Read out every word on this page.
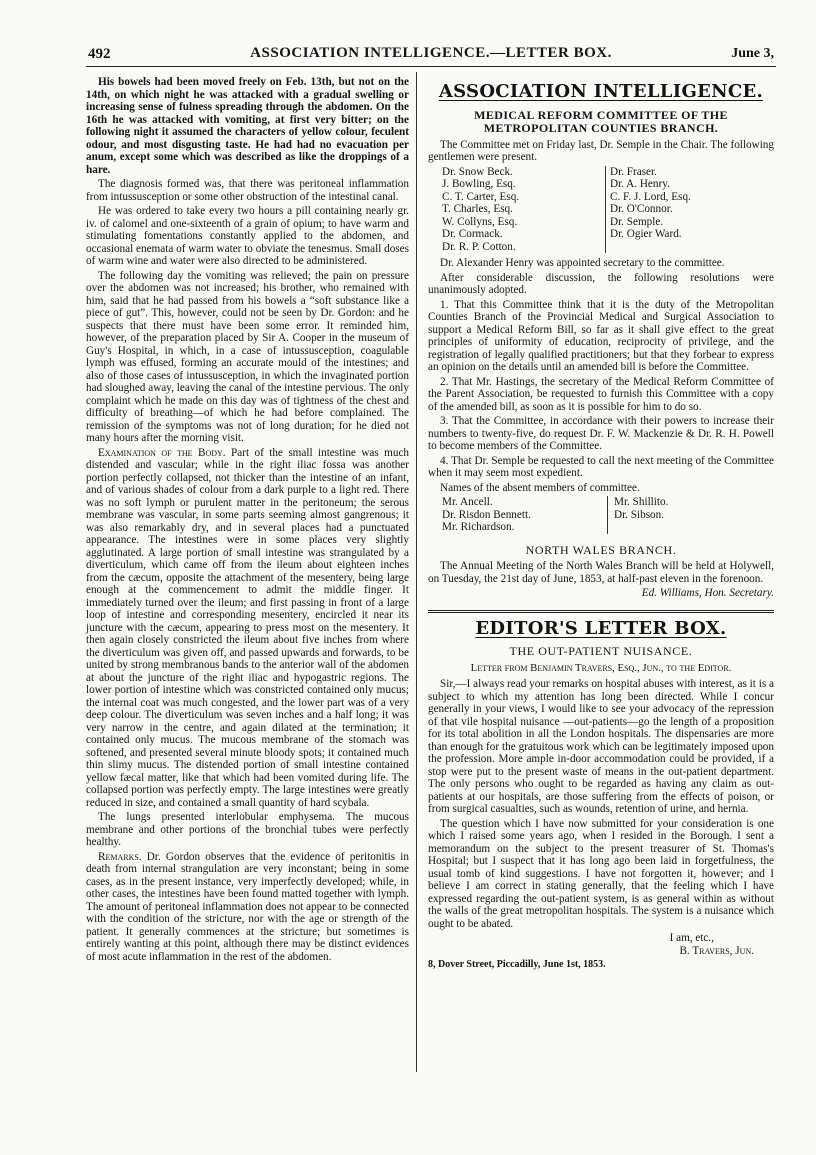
492	ASSOCIATION INTELLIGENCE.—LETTER BOX.	June 3,

His bowels had been moved freely on Feb. 13th, but not on the 14th, on which night he was attacked with a gradual swelling or increasing sense of fulness spreading through the abdomen. On the 16th he was attacked with vomiting, at first very bitter; on the following night it assumed the characters of yellow colour, feculent odour, and most disgusting taste. He had had no evacuation per anum, except some which was described as like the droppings of a hare.

The diagnosis formed was, that there was peritoneal inflammation from intussusception or some other obstruction of the intestinal canal.

He was ordered to take every two hours a pill containing nearly gr. iv. of calomel and one-sixteenth of a grain of opium; to have warm and stimulating fomentations constantly applied to the abdomen, and occasional enemata of warm water to obviate the tenesmus. Small doses of warm wine and water were also directed to be administered.

The following day the vomiting was relieved; the pain on pressure over the abdomen was not increased; his brother, who remained with him, said that he had passed from his bowels a “soft substance like a piece of gut”. This, however, could not be seen by Dr. Gordon: and he suspects that there must have been some error. It reminded him, however, of the preparation placed by Sir A. Cooper in the museum of Guy's Hospital, in which, in a case of intussusception, coagulable lymph was effused, forming an accurate mould of the intestines; and also of those cases of intussusception, in which the invaginated portion had sloughed away, leaving the canal of the intestine pervious. The only complaint which he made on this day was of tightness of the chest and difficulty of breathing—of which he had before complained. The remission of the symptoms was not of long duration; for he died not many hours after the morning visit.

Examination of the Body. Part of the small intestine was much distended and vascular; while in the right iliac fossa was another portion perfectly collapsed, not thicker than the intestine of an infant, and of various shades of colour from a dark purple to a light red. There was no soft lymph or purulent matter in the peritoneum; the serous membrane was vascular, in some parts seeming almost gangrenous; it was also remarkably dry, and in several places had a punctuated appearance. The intestines were in some places very slightly agglutinated. A large portion of small intestine was strangulated by a diverticulum, which came off from the ileum about eighteen inches from the cæcum, opposite the attachment of the mesentery, being large enough at the commencement to admit the middle finger. It immediately turned over the ileum; and first passing in front of a large loop of intestine and corresponding mesentery, encircled it near its juncture with the cæcum, appearing to press most on the mesentery. It then again closely constricted the ileum about five inches from where the diverticulum was given off, and passed upwards and forwards, to be united by strong membranous bands to the anterior wall of the abdomen at about the juncture of the right iliac and hypogastric regions. The lower portion of intestine which was constricted contained only mucus; the internal coat was much congested, and the lower part was of a very deep colour. The diverticulum was seven inches and a half long; it was very narrow in the centre, and again dilated at the termination; it contained only mucus. The mucous membrane of the stomach was softened, and presented several minute bloody spots; it contained much thin slimy mucus. The distended portion of small intestine contained yellow fæcal matter, like that which had been vomited during life. The collapsed portion was perfectly empty. The large intestines were greatly reduced in size, and contained a small quantity of hard scybala.

The lungs presented interlobular emphysema. The mucous membrane and other portions of the bronchial tubes were perfectly healthy.

Remarks. Dr. Gordon observes that the evidence of peritonitis in death from internal strangulation are very inconstant; being in some cases, as in the present instance, very imperfectly developed; while, in other cases, the intestines have been found matted together with lymph. The amount of peritoneal inflammation does not appear to be connected with the condition of the stricture, nor with the age or strength of the patient. It generally commences at the stricture; but sometimes is entirely wanting at this point, although there may be distinct evidences of most acute inflammation in the rest of the abdomen.

ASSOCIATION INTELLIGENCE.
MEDICAL REFORM COMMITTEE OF THE METROPOLITAN COUNTIES BRANCH.

The Committee met on Friday last, Dr. Semple in the Chair. The following gentlemen were present.

Dr. Snow Beck.
J. Bowling, Esq.
C. T. Carter, Esq.
T. Charles, Esq.
W. Collyns, Esq.
Dr. Cormack.
Dr. R. P. Cotton.
Dr. Fraser.
Dr. A. Henry.
C. F. J. Lord, Esq.
Dr. O'Connor.
Dr. Semple.
Dr. Ogier Ward.

Dr. Alexander Henry was appointed secretary to the committee.

After considerable discussion, the following resolutions were unanimously adopted.

1. That this Committee think that it is the duty of the Metropolitan Counties Branch of the Provincial Medical and Surgical Association to support a Medical Reform Bill, so far as it shall give effect to the great principles of uniformity of education, reciprocity of privilege, and the registration of legally qualified practitioners; but that they forbear to express an opinion on the details until an amended bill is before the Committee.

2. That Mr. Hastings, the secretary of the Medical Reform Committee of the Parent Association, be requested to furnish this Committee with a copy of the amended bill, as soon as it is possible for him to do so.

3. That the Committee, in accordance with their powers to increase their numbers to twenty-five, do request Dr. F. W. Mackenzie & Dr. R. H. Powell to become members of the Committee.

4. That Dr. Semple be requested to call the next meeting of the Committee when it may seem most expedient.

Names of the absent members of committee.

Mr. Ancell.
Dr. Risdon Bennett.
Mr. Richardson.
Mr. Shillito.
Dr. Sibson.
NORTH WALES BRANCH.

The Annual Meeting of the North Wales Branch will be held at Holywell, on Tuesday, the 21st day of June, 1853, at half-past eleven in the forenoon.

Ed. Williams, Hon. Secretary.
EDITOR'S LETTER BOX.
THE OUT-PATIENT NUISANCE.
Letter from Benjamin Travers, Esq., Jun., to the Editor.

Sir,—I always read your remarks on hospital abuses with interest, as it is a subject to which my attention has long been directed. While I concur generally in your views, I would like to see your advocacy of the repression of that vile hospital nuisance —out-patients—go the length of a proposition for its total abolition in all the London hospitals. The dispensaries are more than enough for the gratuitous work which can be legitimately imposed upon the profession. More ample in-door accommodation could be provided, if a stop were put to the present waste of means in the out-patient department. The only persons who ought to be regarded as having any claim as out-patients at our hospitals, are those suffering from the effects of poison, or from surgical casualties, such as wounds, retention of urine, and hernia.

The question which I have now submitted for your consideration is one which I raised some years ago, when I resided in the Borough. I sent a memorandum on the subject to the present treasurer of St. Thomas's Hospital; but I suspect that it has long ago been laid in forgetfulness, the usual tomb of kind suggestions. I have not forgotten it, however; and I believe I am correct in stating generally, that the feeling which I have expressed regarding the out-patient system, is as general within as without the walls of the great metropolitan hospitals. The system is a nuisance which ought to be abated.

I am, etc.,

B. Travers, Jun.

8, Dover Street, Piccadilly, June 1st, 1853.
